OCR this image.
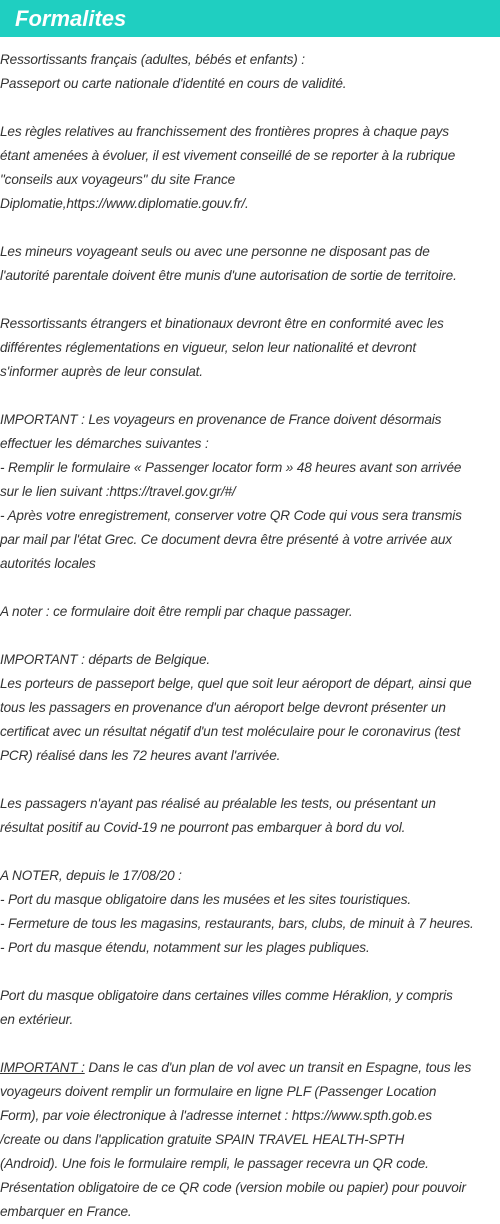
Formalites
Ressortissants français (adultes, bébés et enfants) :
Passeport ou carte nationale d'identité en cours de validité.
Les règles relatives au franchissement des frontières propres à chaque pays
étant amenées à évoluer, il est vivement conseillé de se reporter à la rubrique
"conseils aux voyageurs" du site France
Diplomatie,https://www.diplomatie.gouv.fr/.
Les mineurs voyageant seuls ou avec une personne ne disposant pas de
l'autorité parentale doivent être munis d'une autorisation de sortie de territoire.
Ressortissants étrangers et binationaux devront être en conformité avec les
différentes réglementations en vigueur, selon leur nationalité et devront
s'informer auprès de leur consulat.
IMPORTANT : Les voyageurs en provenance de France doivent désormais
effectuer les démarches suivantes :
- Remplir le formulaire « Passenger locator form » 48 heures avant son arrivée
sur le lien suivant :https://travel.gov.gr/#/
- Après votre enregistrement, conserver votre QR Code qui vous sera transmis
par mail par l'état Grec. Ce document devra être présenté à votre arrivée aux
autorités locales
A noter : ce formulaire doit être rempli par chaque passager.
IMPORTANT : départs de Belgique.
Les porteurs de passeport belge, quel que soit leur aéroport de départ, ainsi que
tous les passagers en provenance d'un aéroport belge devront présenter un
certificat avec un résultat négatif d'un test moléculaire pour le coronavirus (test
PCR) réalisé dans les 72 heures avant l'arrivée.
Les passagers n'ayant pas réalisé au préalable les tests, ou présentant un
résultat positif au Covid-19 ne pourront pas embarquer à bord du vol.
A NOTER, depuis le 17/08/20 :
- Port du masque obligatoire dans les musées et les sites touristiques.
- Fermeture de tous les magasins, restaurants, bars, clubs, de minuit à 7 heures.
- Port du masque étendu, notamment sur les plages publiques.
Port du masque obligatoire dans certaines villes comme Héraklion, y compris
en extérieur.
IMPORTANT : Dans le cas d'un plan de vol avec un transit en Espagne, tous les
voyageurs doivent remplir un formulaire en ligne PLF (Passenger Location
Form), par voie électronique à l'adresse internet : https://www.spth.gob.es
/create ou dans l'application gratuite SPAIN TRAVEL HEALTH-SPTH
(Android). Une fois le formulaire rempli, le passager recevra un QR code.
Présentation obligatoire de ce QR code (version mobile ou papier) pour pouvoir
embarquer en France.
